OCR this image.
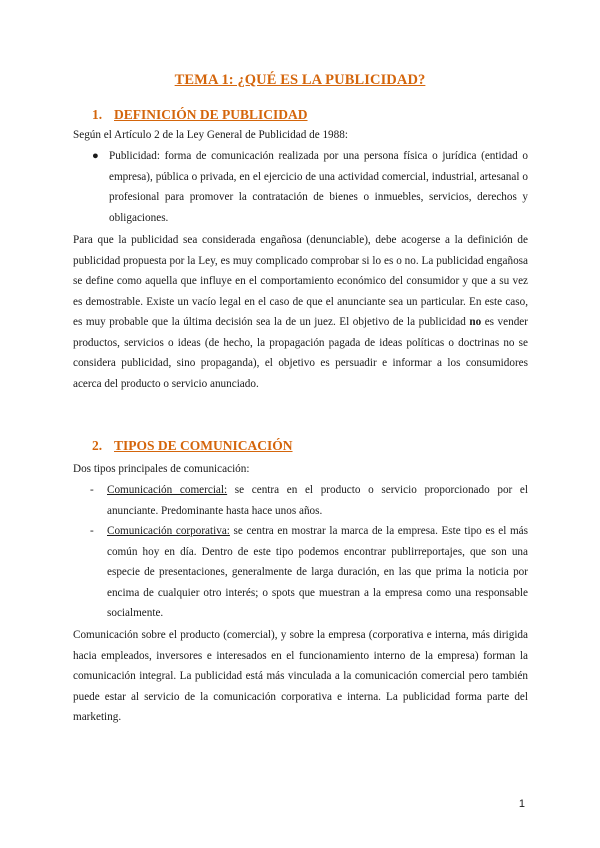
TEMA 1: ¿QUÉ ES LA PUBLICIDAD?
1. DEFINICIÓN DE PUBLICIDAD

Según el Artículo 2 de la Ley General de Publicidad de 1988:

● Publicidad: forma de comunicación realizada por una persona física o jurídica (entidad o empresa), pública o privada, en el ejercicio de una actividad comercial, industrial, artesanal o profesional para promover la contratación de bienes o inmuebles, servicios, derechos y obligaciones.

Para que la publicidad sea considerada engañosa (denunciable), debe acogerse a la definición de publicidad propuesta por la Ley, es muy complicado comprobar si lo es o no. La publicidad engañosa se define como aquella que influye en el comportamiento económico del consumidor y que a su vez es demostrable. Existe un vacío legal en el caso de que el anunciante sea un particular. En este caso, es muy probable que la última decisión sea la de un juez. El objetivo de la publicidad no es vender productos, servicios o ideas (de hecho, la propagación pagada de ideas políticas o doctrinas no se considera publicidad, sino propaganda), el objetivo es persuadir e informar a los consumidores acerca del producto o servicio anunciado.

2. TIPOS DE COMUNICACIÓN

Dos tipos principales de comunicación:

- Comunicación comercial: se centra en el producto o servicio proporcionado por el anunciante. Predominante hasta hace unos años.
- Comunicación corporativa: se centra en mostrar la marca de la empresa. Este tipo es el más común hoy en día. Dentro de este tipo podemos encontrar publirreportajes, que son una especie de presentaciones, generalmente de larga duración, en las que prima la noticia por encima de cualquier otro interés; o spots que muestran a la empresa como una responsable socialmente.

Comunicación sobre el producto (comercial), y sobre la empresa (corporativa e interna, más dirigida hacia empleados, inversores e interesados en el funcionamiento interno de la empresa) forman la comunicación integral. La publicidad está más vinculada a la comunicación comercial pero también puede estar al servicio de la comunicación corporativa e interna. La publicidad forma parte del marketing.

1
